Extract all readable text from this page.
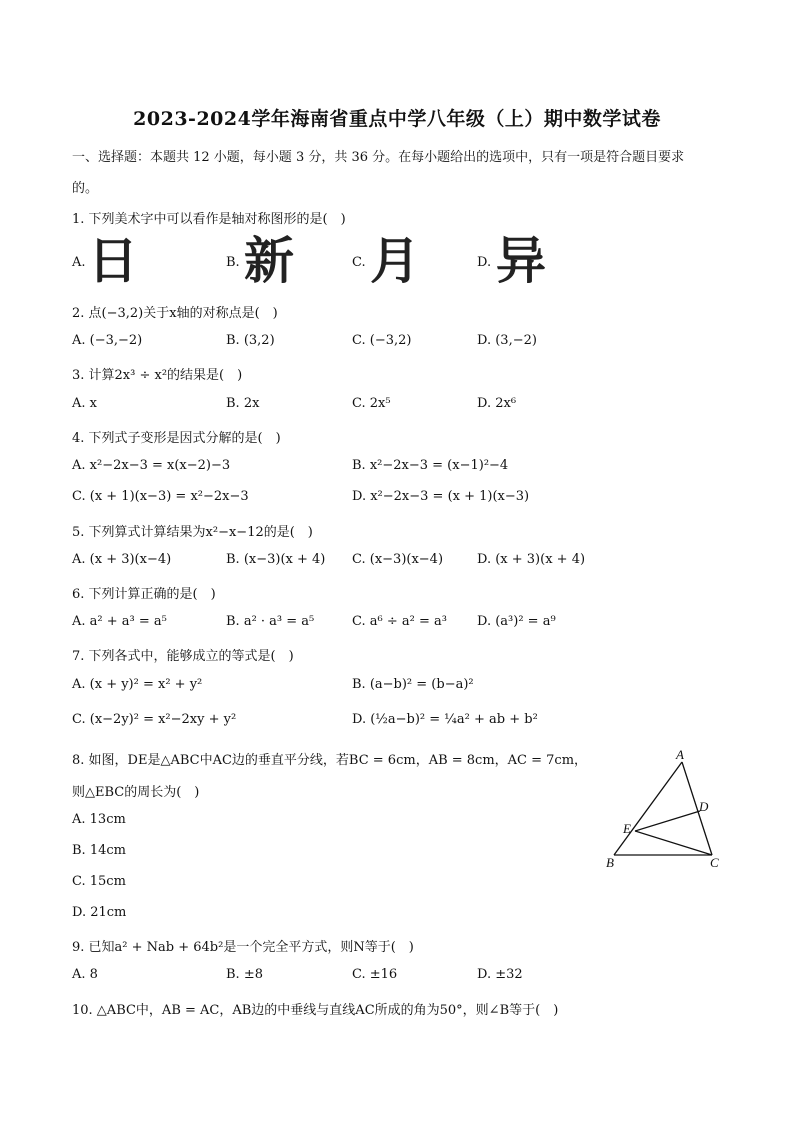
2023-2024学年海南省重点中学八年级（上）期中数学试卷
一、选择题：本题共 12 小题，每小题 3 分，共 36 分。在每小题给出的选项中，只有一项是符合题目要求
的。
1. 下列美术字中可以看作是轴对称图形的是(　)
A. 日	B. 新	C. 月	D. 异
2. 点(−3,2)关于x轴的对称点是(　)
A. (−3,−2)	B. (3,2)	C. (−3,2)	D. (3,−2)
3. 计算2x³ ÷ x²的结果是(　)
A. x	B. 2x	C. 2x⁵	D. 2x⁶
4. 下列式子变形是因式分解的是(　)
A. x²−2x−3 = x(x−2)−3	B. x²−2x−3 = (x−1)²−4
C. (x + 1)(x−3) = x²−2x−3	D. x²−2x−3 = (x + 1)(x−3)
5. 下列算式计算结果为x²−x−12的是(　)
A. (x + 3)(x−4)	B. (x−3)(x + 4) C. (x−3)(x−4)	D. (x + 3)(x + 4)
6. 下列计算正确的是(　)
A. a² + a³ = a⁵	B. a² · a³ = a⁵	C. a⁶ ÷ a² = a³ D. (a³)² = a⁹
7. 下列各式中，能够成立的等式是(　)
A. (x + y)² = x² + y²	B. (a−b)² = (b−a)²
C. (x−2y)² = x²−2xy + y²	D. (½a−b)² = ¼a² + ab + b²
8. 如图，DE是△ABC中AC边的垂直平分线，若BC = 6cm，AB = 8cm，AC = 7cm，
则△EBC的周长为(　)
A. 13cm
B. 14cm
C. 15cm
D. 21cm
A
B	C
D
E
9. 已知a² + Nab + 64b²是一个完全平方式，则N等于(　)
A. 8	B. ±8	C. ±16	D. ±32
10. △ABC中，AB = AC，AB边的中垂线与直线AC所成的角为50°，则∠B等于(　)
